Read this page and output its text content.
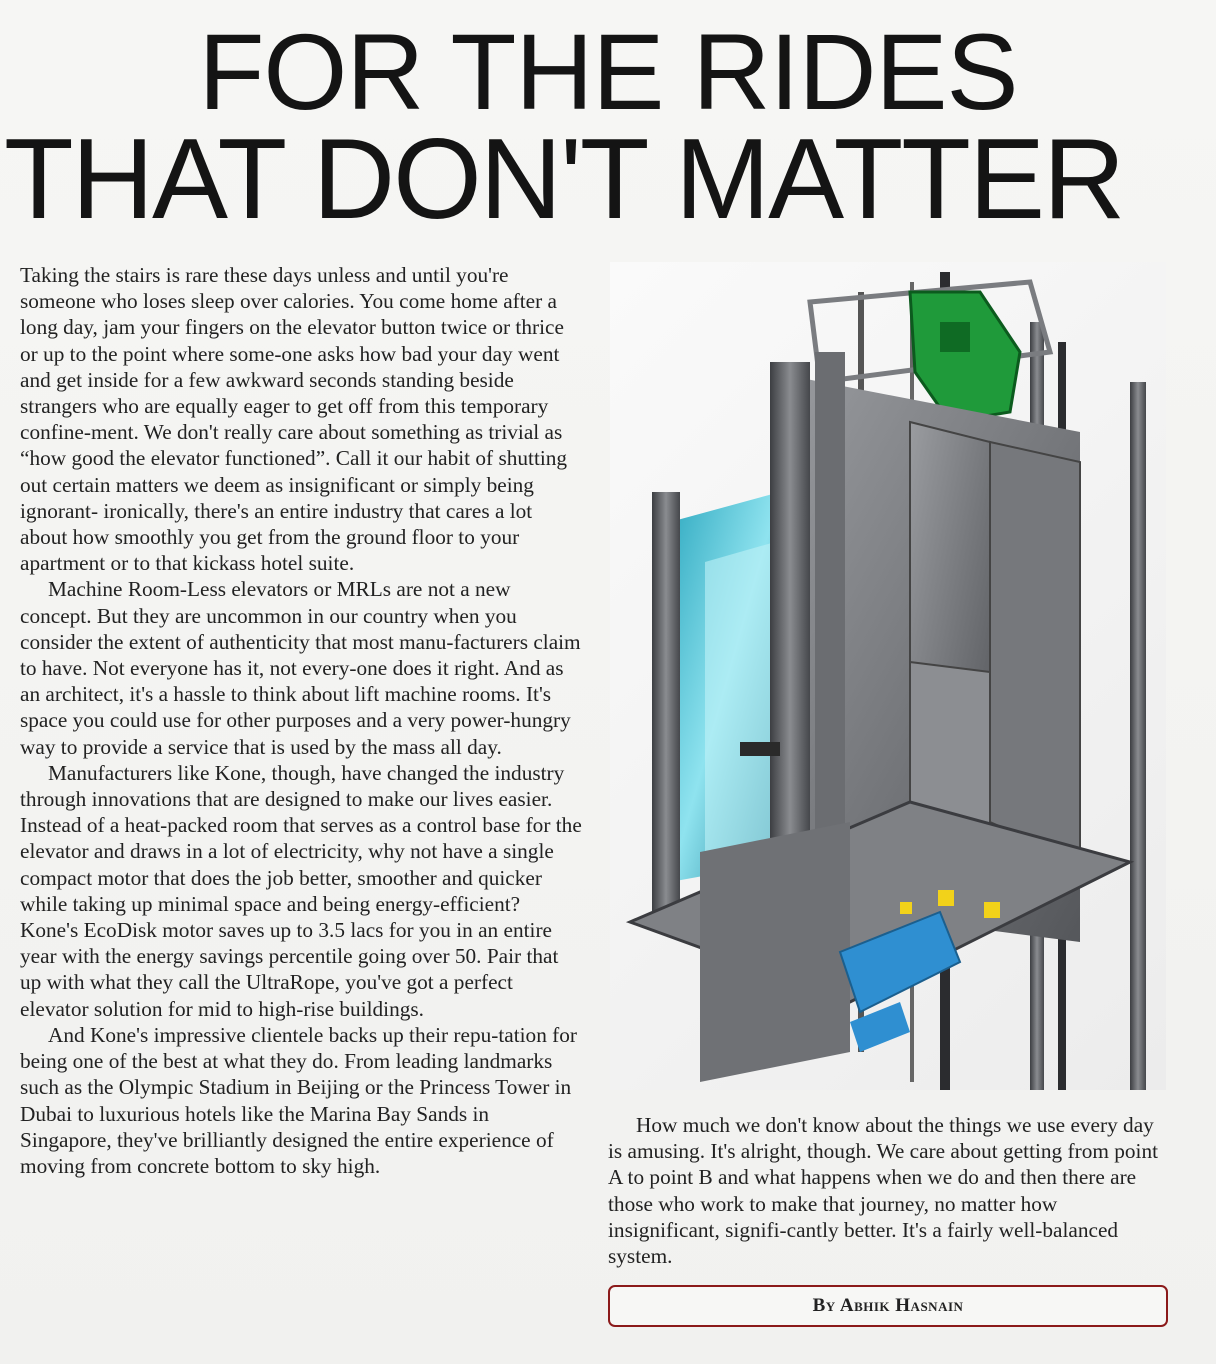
FOR THE RIDES
THAT DON'T MATTER

Taking the stairs is rare these days unless and until you're someone who loses sleep over calories. You come home after a long day, jam your fingers on the elevator button twice or thrice or up to the point where some-one asks how bad your day went and get inside for a few awkward seconds standing beside strangers who are equally eager to get off from this temporary confine-ment. We don't really care about something as trivial as “how good the elevator functioned”. Call it our habit of shutting out certain matters we deem as insignificant or simply being ignorant- ironically, there's an entire industry that cares a lot about how smoothly you get from the ground floor to your apartment or to that kickass hotel suite.

Machine Room-Less elevators or MRLs are not a new concept. But they are uncommon in our country when you consider the extent of authenticity that most manu-facturers claim to have. Not everyone has it, not every-one does it right. And as an architect, it's a hassle to think about lift machine rooms. It's space you could use for other purposes and a very power-hungry way to provide a service that is used by the mass all day.

Manufacturers like Kone, though, have changed the industry through innovations that are designed to make our lives easier. Instead of a heat-packed room that serves as a control base for the elevator and draws in a lot of electricity, why not have a single compact motor that does the job better, smoother and quicker while taking up minimal space and being energy-efficient? Kone's EcoDisk motor saves up to 3.5 lacs for you in an entire year with the energy savings percentile going over 50. Pair that up with what they call the UltraRope, you've got a perfect elevator solution for mid to high-rise buildings.

And Kone's impressive clientele backs up their repu-tation for being one of the best at what they do. From leading landmarks such as the Olympic Stadium in Beijing or the Princess Tower in Dubai to luxurious hotels like the Marina Bay Sands in Singapore, they've brilliantly designed the entire experience of moving from concrete bottom to sky high.

How much we don't know about the things we use every day is amusing. It's alright, though. We care about getting from point A to point B and what happens when we do and then there are those who work to make that journey, no matter how insignificant, signifi-cantly better. It's a fairly well-balanced system.

By Abhik Hasnain
